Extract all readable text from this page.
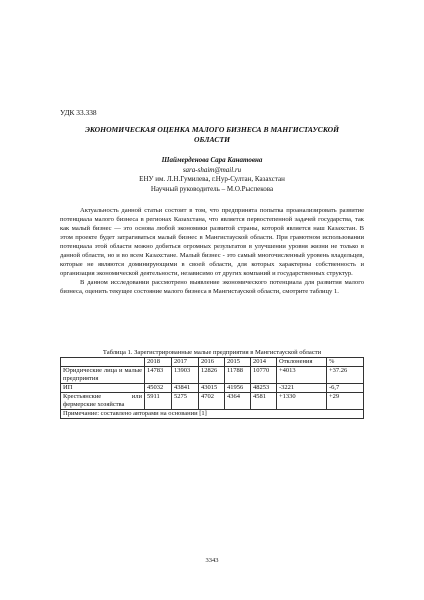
УДК 33.338
ЭКОНОМИЧЕСКАЯ ОЦЕНКА МАЛОГО БИЗНЕСА В МАНГИСТАУСКОЙ
ОБЛАСТИ
Шаймерденова Сара Канатовна
sara-shaim@mail.ru
ЕНУ им. Л.Н.Гумилева, г.Нур-Султан, Казахстан
Научный руководитель – М.О.Рыспекова

Актуальность данной статьи состоит в том, что предпринята попытка проанализировать развитие потенциала малого бизнеса в регионах Казахстана, что является первостепенной задачей государства, так как малый бизнес — это основа любой экономики развитой страны, которой является наш Казахстан. В этом проекте будет затрагиваться малый бизнес в Мангистауской области. При грамотном использовании потенциала этой области можно добиться огромных результатов в улучшении уровня жизни не только в данной области, но и во всем Казахстане. Малый бизнес - это самый многочисленный уровень владельцев, которые не являются доминирующими в своей области, для которых характерны собственность и организация экономической деятельности, независимо от других компаний и государственных структур.

В данном исследовании рассмотрено выявление экономического потенциала для развития малого бизнеса, оценить текущее состояние малого бизнеса в Мангистауской области, смотрите таблицу 1.

Таблица 1. Зарегистрированные малые предприятия в Мангистауской области
	2018	2017	2016	2015	2014	Отклонения	%
Юридические лица и малые предприятия	14783	13903	12826	11788	10770	+4013	+37.26
ИП	45032	43841	43015	41956	48253	-3221	-6,7
Крестьянские или фермерские хозяйства	5911	5275	4702	4364	4581	+1330	+29
Примечание: составлено авторами на основании [1]							
3343
